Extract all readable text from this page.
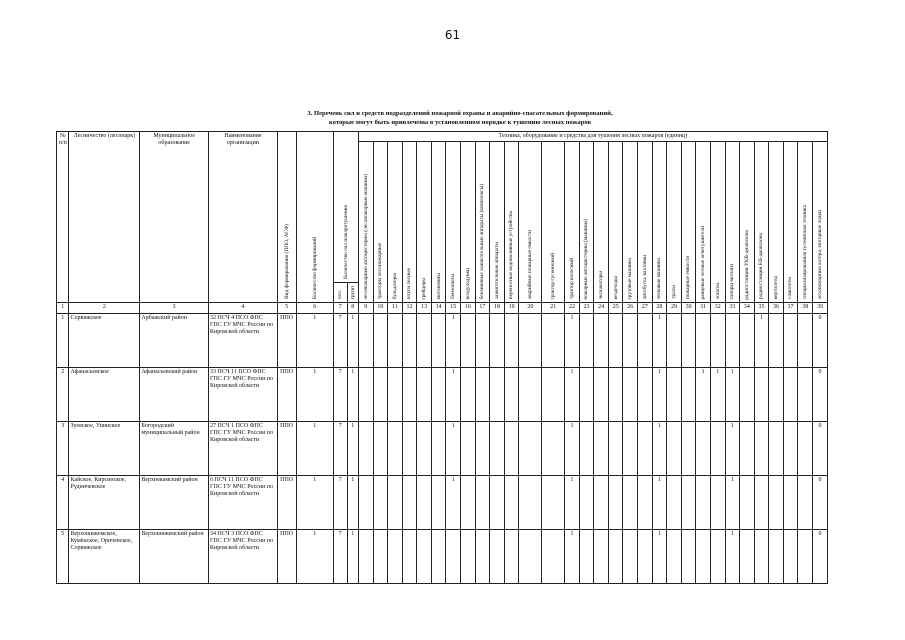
61
3. Перечень сил и средств подразделений пожарной охраны и аварийно-спасательных формирований,
которые могут быть привлечены в установленном порядке к тушению лесных пожаров
№ п/п	Лесничество (лесопарк)	Муниципальное образование	Наименование организации	Вид формирования (ППО, АСФ)	Количество формирований	Количество сил пожаротушения		Техника, оборудование и средства для тушения лесных пожаров (единиц)																														

								лесопожарные автоцистерны (лесопожарные машины)	тракторы лесопожарные	бульдозеры	плуги лесные	грейдеры	мотопомпы	бензопилы	воздуходувки	бензиновые зажигательные аппараты (комплексы)	зажигательные аппараты	переносные водоналивные устройства	аварийные пожарные емкости	трактор гусеничный	трактор колесный	пожарные автоцистерны (машины)	экскаваторы	вездеходы	грузовые машины	автобусы, вахтовки	легковые машины	тралы	пожарные емкости	ранцевые лесные огнетушители	лопаты	топоры-мотыги	радиостанции УКВ-диапазона	радиостанции КВ-диапазона	вертолеты	самолеты	специализированная гусеничная техника	лесопожарные катера, моторные лодки

						чел.	групп																															

1	2	3	4	5	6	7	8	9	10	11	12	13	14	15	16	17	18	19	20	21	22	23	24	25	26	27	28	29	30	31	32	33	34	35	36	37	38	39
1	Сорвижское	Арбажский район	32 ПСЧ 4 ПСО ФПС ГПС ГУ МЧС России по Кировской области	ППО	1	7	1							1							1						1							1				0
2	Афанасьевское	Афанасьевский район	33 ПСЧ 11 ПСО ФПС ГПС ГУ МЧС России по Кировской области	ППО	1	7	1							1							1						1			1	1	1						0
3	Зуевское, Унинское	Богородский муниципальный район	27 ПСЧ 1 ПСО ФПС ГПС ГУ МЧС России по Кировской области	ППО	1	7	1							1							1						1					1						0
4	Кайское, Кирсинское, Рудничевское	Верхнекамский район	6 ПСЧ 11 ПСО ФПС ГПС ГУ МЧС России по Кировской области	ППО	1	7	1							1							1						1					1						0
5	Верхошижемское, Кумёнское, Оричевское, Сорвижское	Верхошижемский район	34 ПСЧ 3 ПСО ФПС ГПС ГУ МЧС России по Кировской области	ППО	1	7	1														1						1					1						0
